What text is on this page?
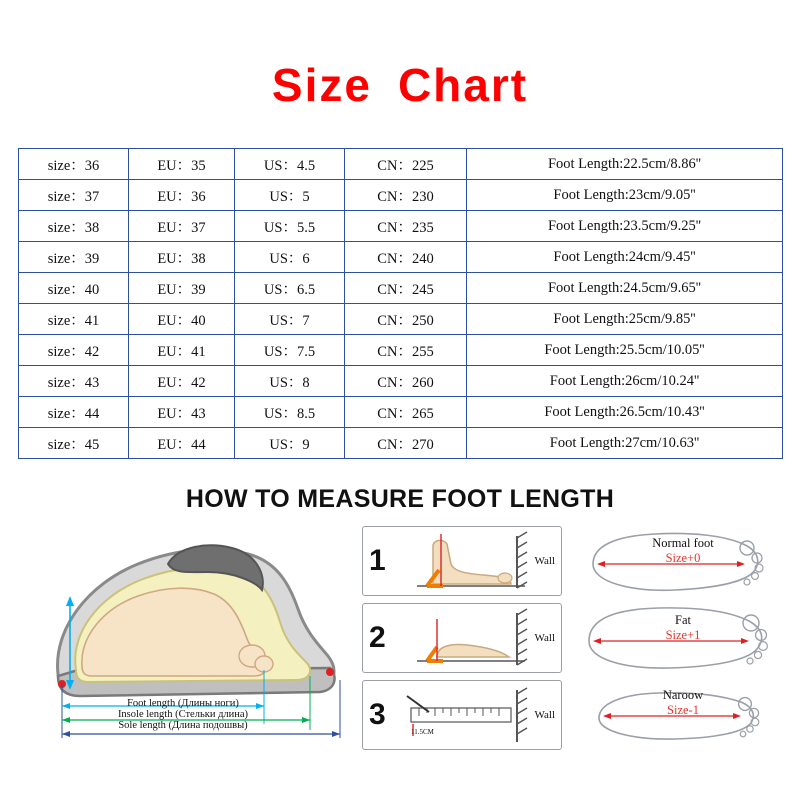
Size Chart
size：36	EU：35	US：4.5	CN：225	Foot Length:22.5cm/8.86''
size：37	EU：36	US：5	CN：230	Foot Length:23cm/9.05''
size：38	EU：37	US：5.5	CN：235	Foot Length:23.5cm/9.25''
size：39	EU：38	US：6	CN：240	Foot Length:24cm/9.45''
size：40	EU：39	US：6.5	CN：245	Foot Length:24.5cm/9.65''
size：41	EU：40	US：7	CN：250	Foot Length:25cm/9.85''
size：42	EU：41	US：7.5	CN：255	Foot Length:25.5cm/10.05''
size：43	EU：42	US：8	CN：260	Foot Length:26cm/10.24''
size：44	EU：43	US：8.5	CN：265	Foot Length:26.5cm/10.43''
size：45	EU：44	US：9	CN：270	Foot Length:27cm/10.63''
HOW TO MEASURE FOOT LENGTH
Foot length (Длины ноги)
Insole length (Стельки длина)
Sole length (Длина подошвы)
1	Wall
2	Wall
3
11.5CM
Wall
Normal foot
Size+0
Fat
Size+1
Naroow
Size-1
